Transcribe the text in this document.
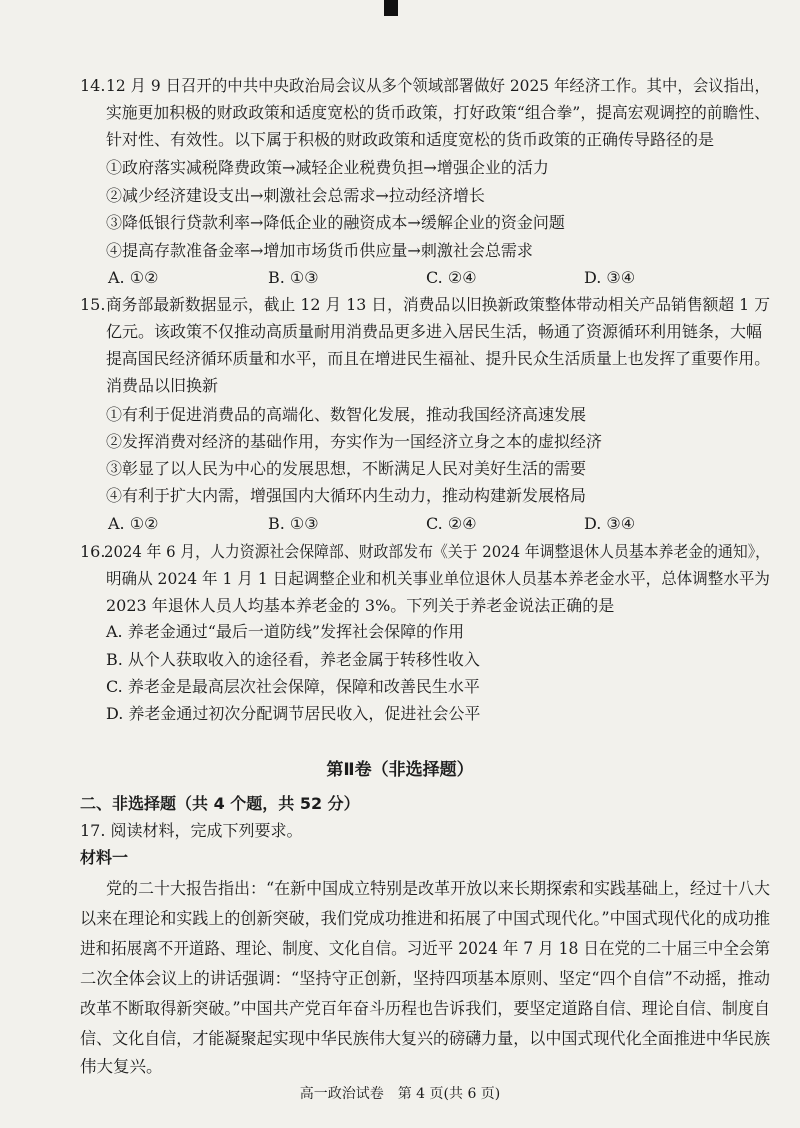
14. 12 月 9 日召开的中共中央政治局会议从多个领域部署做好 2025 年经济工作。其中，会议指出，
实施更加积极的财政政策和适度宽松的货币政策，打好政策“组合拳”，提高宏观调控的前瞻性、
针对性、有效性。以下属于积极的财政政策和适度宽松的货币政策的正确传导路径的是
①政府落实减税降费政策→减轻企业税费负担→增强企业的活力
②减少经济建设支出→刺激社会总需求→拉动经济增长
③降低银行贷款利率→降低企业的融资成本→缓解企业的资金问题
④提高存款准备金率→增加市场货币供应量→刺激社会总需求
A. ①②	B. ①③	C. ②④	D. ③④
15. 商务部最新数据显示，截止 12 月 13 日，消费品以旧换新政策整体带动相关产品销售额超 1 万
亿元。该政策不仅推动高质量耐用消费品更多进入居民生活，畅通了资源循环利用链条，大幅
提高国民经济循环质量和水平，而且在增进民生福祉、提升民众生活质量上也发挥了重要作用。
消费品以旧换新
①有利于促进消费品的高端化、数智化发展，推动我国经济高速发展
②发挥消费对经济的基础作用，夯实作为一国经济立身之本的虚拟经济
③彰显了以人民为中心的发展思想，不断满足人民对美好生活的需要
④有利于扩大内需，增强国内大循环内生动力，推动构建新发展格局
A. ①②	B. ①③	C. ②④	D. ③④
16.
2024 年 6 月，人力资源社会保障部、财政部发布《关于 2024 年调整退休人员基本养老金的通知》，
明确从 2024 年 1 月 1 日起调整企业和机关事业单位退休人员基本养老金水平，总体调整水平为
2023 年退休人员人均基本养老金的 3%。下列关于养老金说法正确的是
A. 养老金通过“最后一道防线”发挥社会保障的作用
B. 从个人获取收入的途径看，养老金属于转移性收入
C. 养老金是最高层次社会保障，保障和改善民生水平
D. 养老金通过初次分配调节居民收入，促进社会公平
第Ⅱ卷（非选择题）
二、非选择题（共 4 个题，共 52 分）
17. 阅读材料，完成下列要求。
材料一
党的二十大报告指出：“在新中国成立特别是改革开放以来长期探索和实践基础上，经过十八大
以来在理论和实践上的创新突破，我们党成功推进和拓展了中国式现代化。”中国式现代化的成功推
进和拓展离不开道路、理论、制度、文化自信。习近平 2024 年 7 月 18 日在党的二十届三中全会第
二次全体会议上的讲话强调：“坚持守正创新，坚持四项基本原则、坚定“四个自信”不动摇，推动
改革不断取得新突破。”中国共产党百年奋斗历程也告诉我们，要坚定道路自信、理论自信、制度自
信、文化自信，才能凝聚起实现中华民族伟大复兴的磅礴力量，以中国式现代化全面推进中华民族
伟大复兴。
高一政治试卷　第 4 页(共 6 页)
